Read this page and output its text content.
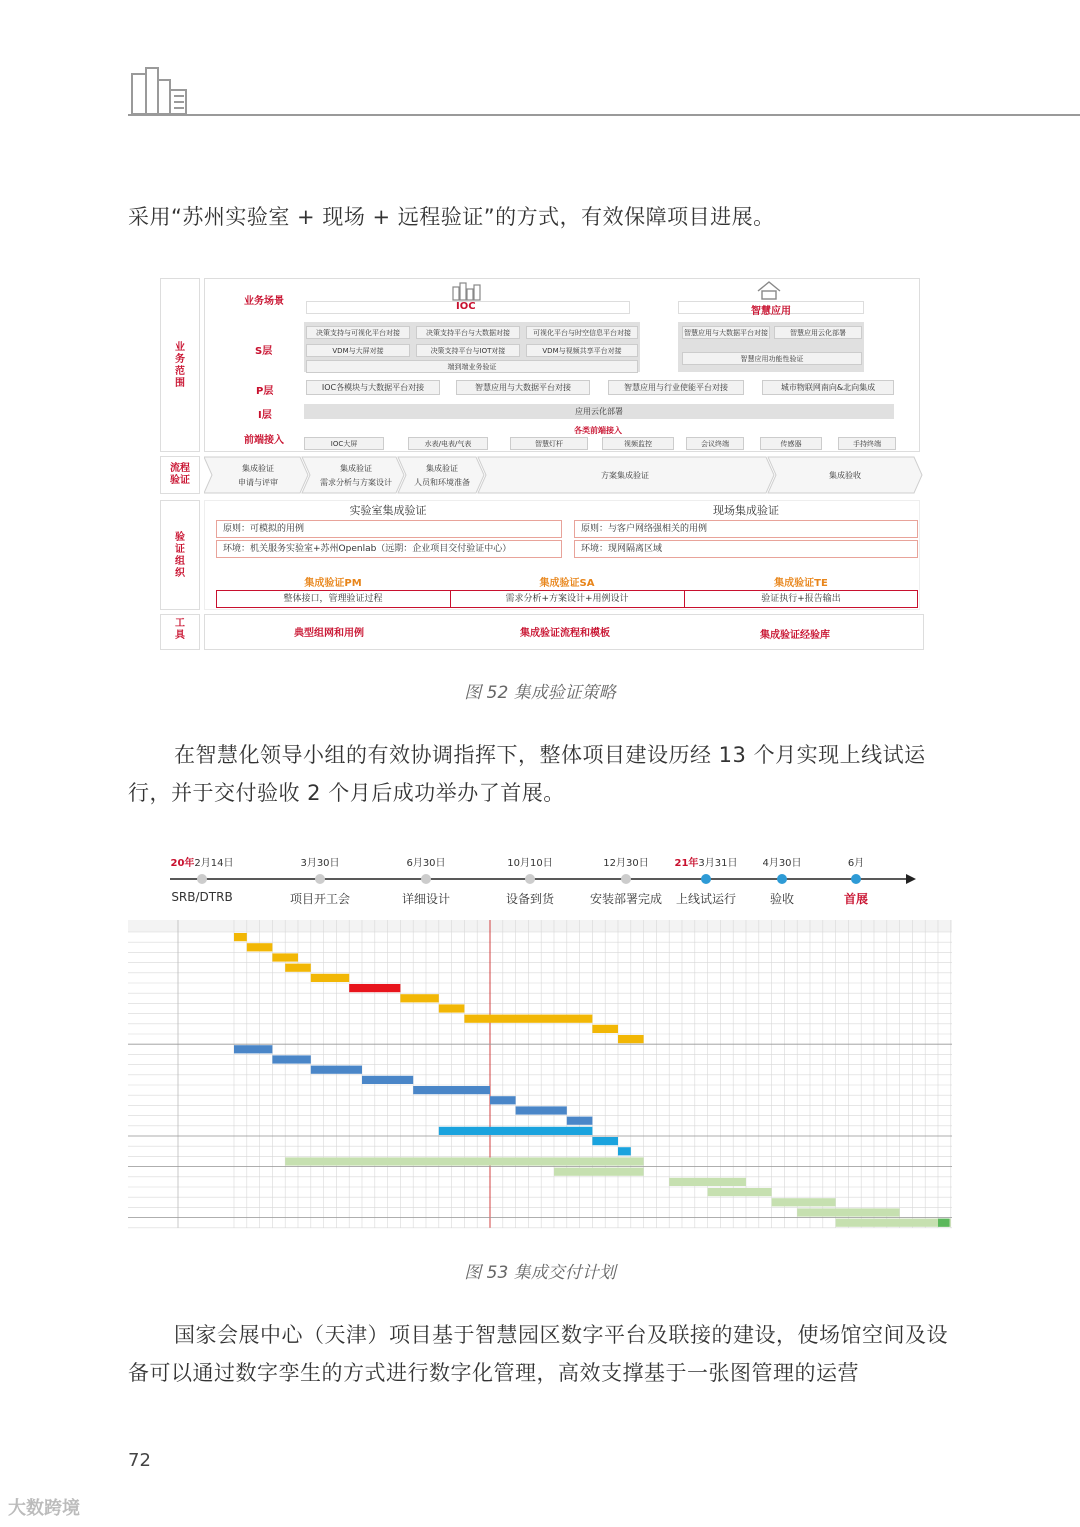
采用“苏州实验室 + 现场 + 远程验证”的方式，有效保障项目进展。
业务范围
流程验证
验证组织
工具
业务场景	IOC	智慧应用
S层
决策支持与可视化平台对接	决策支持平台与大数据对接	可视化平台与时空信息平台对接
VDM与大屏对接	决策支持平台与IOT对接	VDM与视频共享平台对接
端到端业务验证
智慧应用与大数据平台对接	智慧应用云化部署
智慧应用功能性验证
P层	IOC各模块与大数据平台对接	智慧应用与大数据平台对接	智慧应用与行业使能平台对接	城市物联网南向&北向集成
I层	应用云化部署
前端接入
各类前端接入
IOC大屏	水表/电表/气表	智慧灯杆	视频监控	会议终端	传感器	手持终端
集成验证
申请与评审
集成验证
需求分析与方案设计
集成验证
人员和环境准备
方案集成验证	集成验收
实验室集成验证
原则：可模拟的用例
环境：机关服务实验室+苏州Openlab（远期：企业项目交付验证中心）
现场集成验证
原则：与客户网络强相关的用例
环境：现网隔离区域
集成验证PM	集成验证SA	集成验证TE
整体接口，管理验证过程	需求分析+方案设计+用例设计	验证执行+报告输出
典型组网和用例	集成验证流程和模板	集成验证经验库
图 52 集成验证策略
在智慧化领导小组的有效协调指挥下，整体项目建设历经 13 个月实现上线试运行，并于交付验收 2 个月后成功举办了首展。
20年2月14日
SRB/DTRB
3月30日
项目开工会
6月30日
详细设计
10月10日
设备到货
12月30日
安装部署完成
21年3月31日
上线试运行
4月30日
验收
6月
首展
图 53 集成交付计划
国家会展中心（天津）项目基于智慧园区数字平台及联接的建设，使场馆空间及设备可以通过数字孪生的方式进行数字化管理，高效支撑基于一张图管理的运营
72
大数跨境
